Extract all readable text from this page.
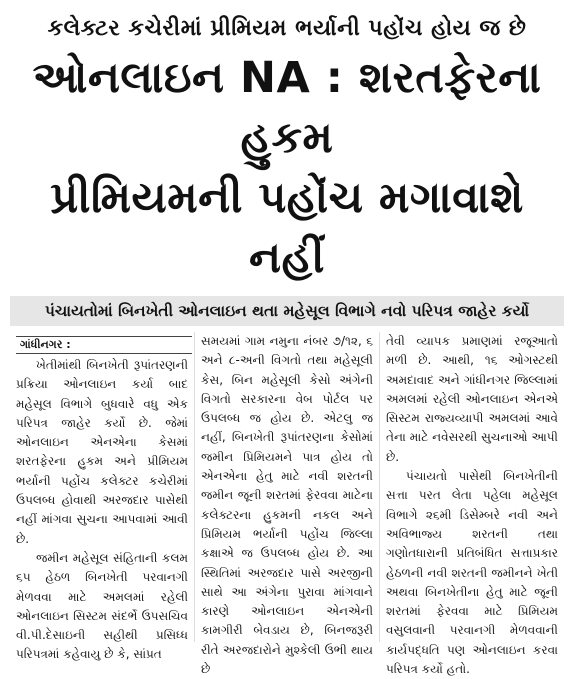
કલેક્ટર કચેરીમાં પ્રીમિયમ ભર્યાની પહોંચ હોય જ છે
ઓનલાઇન NA : શરતફેરના હુકમ
પ્રીમિયમની પહોંચ મગાવાશે નહીં
પંચાયતોમાં બિનખેતી ઓનલાઇન થતા મહેસૂલ વિભાગે નવો પરિપત્ર જાહેર કર્યો
ગાંધીનગર :

ખેતીમાંથી બિનખેતી રૂપાંતરણની પ્રક્રિયા ઓનલાઇન કર્યા બાદ મહેસૂલ વિભાગે બુધવારે વધુ એક પરિપત્ર જાહેર કર્યો છે. જેમાં ઓનલાઇન એનએના કેસમાં શરતફેરના હુકમ અને પ્રીમિયમ ભર્યાની પહોંચ કલેક્ટર કચેરીમાં ઉપલબ્ધ હોવાથી અરજદાર પાસેથી નહીં માંગવા સુચના આપવામાં આવી છે.

જમીન મહેસૂલ સંહિતાની કલમ ૬૫ હેઠળ બિનખેતી પરવાનગી મેળવવા માટે અમલમાં રહેલી ઓનલાઇન સિસ્ટમ સંદર્ભે ઉપસચિવ વી.પી.દેસાઇની સહીથી પ્રસિધ્ધ પરિપત્રમાં કહેવાયુ છે કે, સાંપ્રત

સમયમાં ગામ નમુના નંબર ૭/૧૨, ૬ અને ૮-અની વિગતો તથા મહેસૂલી કેસ, બિન મહેસૂલી કેસો અંગેની વિગતો સરકારના વેબ પોર્ટલ પર ઉપલબ્ધ જ હોય છે. એટલુ જ નહીં, બિનખેતી રૂપાંતરણના કેસોમાં જમીન પ્રિમિયમને પાત્ર હોય તો એનએના હેતુ માટે નવી શરતની જમીન જૂની શરતમાં ફેરવવા માટેના કલેક્ટરના હુકમની નકલ અને પ્રિમિયમ ભર્યાની પહોંચ જિલ્લા કક્ષાએ જ ઉપલબ્ધ હોય છે. આ સ્થિતિમાં અરજદાર પાસે અરજીની સાથે આ અંગેના પુરાવા માંગવાને કારણે ઓનલાઇન એનએની કામગીરી બેવડાય છે, બિનજરૂરી રીતે અરજદારોને મુશ્કેલી ઉભી થાય છે

તેવી વ્યાપક પ્રમાણમાં રજૂઆતો મળી છે. આથી, ૧૬ ઓગસ્ટથી અમદાવાદ અને ગાંધીનગર જિલ્લામાં અમલમાં રહેલી ઓનલાઇન એનએ સિસ્ટમ રાજ્યવ્યાપી અમલમાં આવે તેના માટે નવેસરથી સુચનાઓ આપી છે.

પંચાયતો પાસેથી બિનખેતીની સત્તા પરત લેતા પહેલા મહેસૂલ વિભાગે ૨૬મી ડિસેમ્બરે નવી અને અવિભાજ્ય શરતની તથા ગણોતધારાની પ્રતિબંધિત સત્તાપ્રકાર હેઠળની નવી શરતની જમીનને ખેતી અથવા બિનખેતીના હેતુ માટે જૂની શરતમાં ફેરવવા માટે પ્રિમિયમ વસુલવાની પરવાનગી મેળવવાની કાર્યપદ્ધતિ પણ ઓનલાઇન કરવા પરિપત્ર કર્યો હતો.
